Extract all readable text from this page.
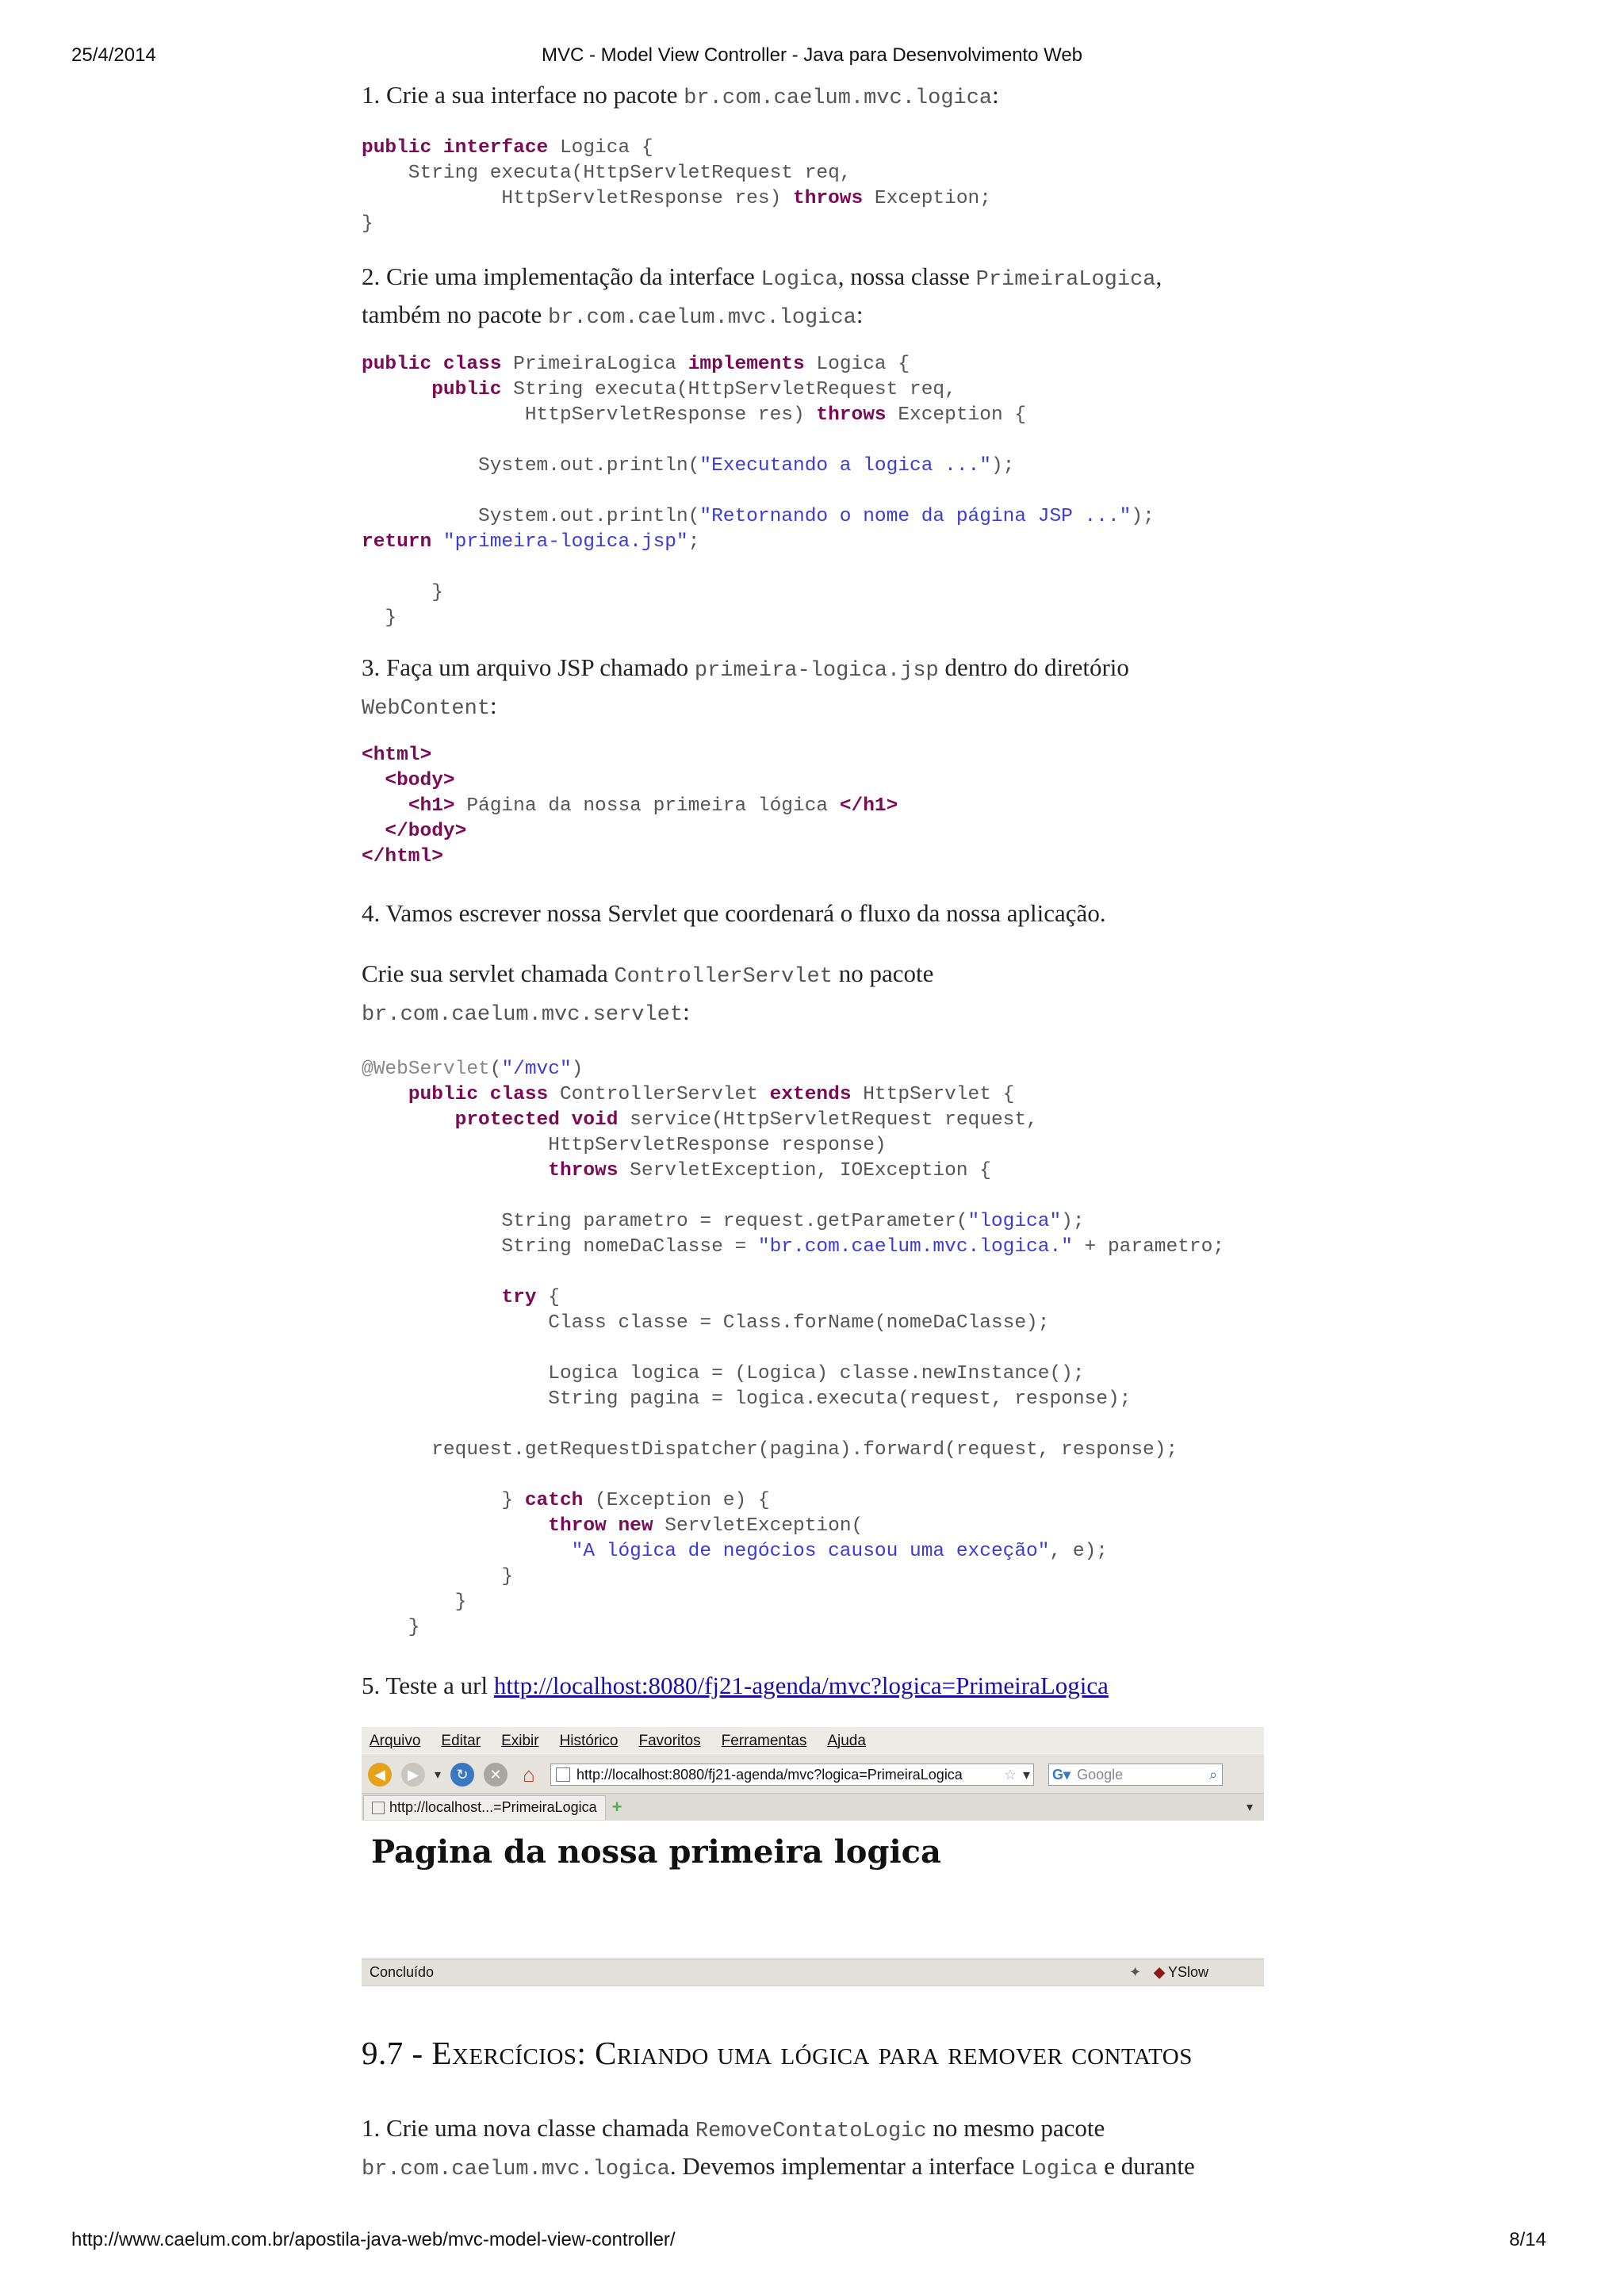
25/4/2014	MVC - Model View Controller - Java para Desenvolvimento Web
1. Crie a sua interface no pacote br.com.caelum.mvc.logica:
public interface Logica {
String executa(HttpServletRequest req,
HttpServletResponse res) throws Exception;
}
2. Crie uma implementação da interface Logica, nossa classe PrimeiraLogica,
também no pacote br.com.caelum.mvc.logica:
public class PrimeiraLogica implements Logica {
public String executa(HttpServletRequest req,
HttpServletResponse res) throws Exception {

System.out.println("Executando a logica ...");

System.out.println("Retornando o nome da página JSP ...");
return "primeira-logica.jsp";

}
}
3. Faça um arquivo JSP chamado primeira-logica.jsp dentro do diretório
WebContent:
<html>
<body>
<h1> Página da nossa primeira lógica </h1>
</body>
</html>
4. Vamos escrever nossa Servlet que coordenará o fluxo da nossa aplicação.
Crie sua servlet chamada ControllerServlet no pacote
br.com.caelum.mvc.servlet:
@WebServlet("/mvc")
public class ControllerServlet extends HttpServlet {
protected void service(HttpServletRequest request,
HttpServletResponse response)
throws ServletException, IOException {

String parametro = request.getParameter("logica");
String nomeDaClasse = "br.com.caelum.mvc.logica." + parametro;

try {
Class classe = Class.forName(nomeDaClasse);

Logica logica = (Logica) classe.newInstance();
String pagina = logica.executa(request, response);

request.getRequestDispatcher(pagina).forward(request, response);

} catch (Exception e) {
throw new ServletException(
"A lógica de negócios causou uma exceção", e);
}
}
}
5. Teste a url http://localhost:8080/fj21-agenda/mvc?logica=PrimeiraLogica
Arquivo Editar Exibir Histórico Favoritos Ferramentas Ajuda
◀	▶	▾	↻	✕ ⌂	http://localhost:8080/fj21-agenda/mvc?logica=PrimeiraLogica	☆ ▾ G▾ Google	⌕
http://localhost...=PrimeiraLogica +	▾
Pagina da nossa primeira logica
Concluído	✦ ◆ YSlow
9.7 - Exercícios: Criando uma lógica para remover contatos
1. Crie uma nova classe chamada RemoveContatoLogic no mesmo pacote
br.com.caelum.mvc.logica. Devemos implementar a interface Logica e durante
http://www.caelum.com.br/apostila-java-web/mvc-model-view-controller/	8/14
